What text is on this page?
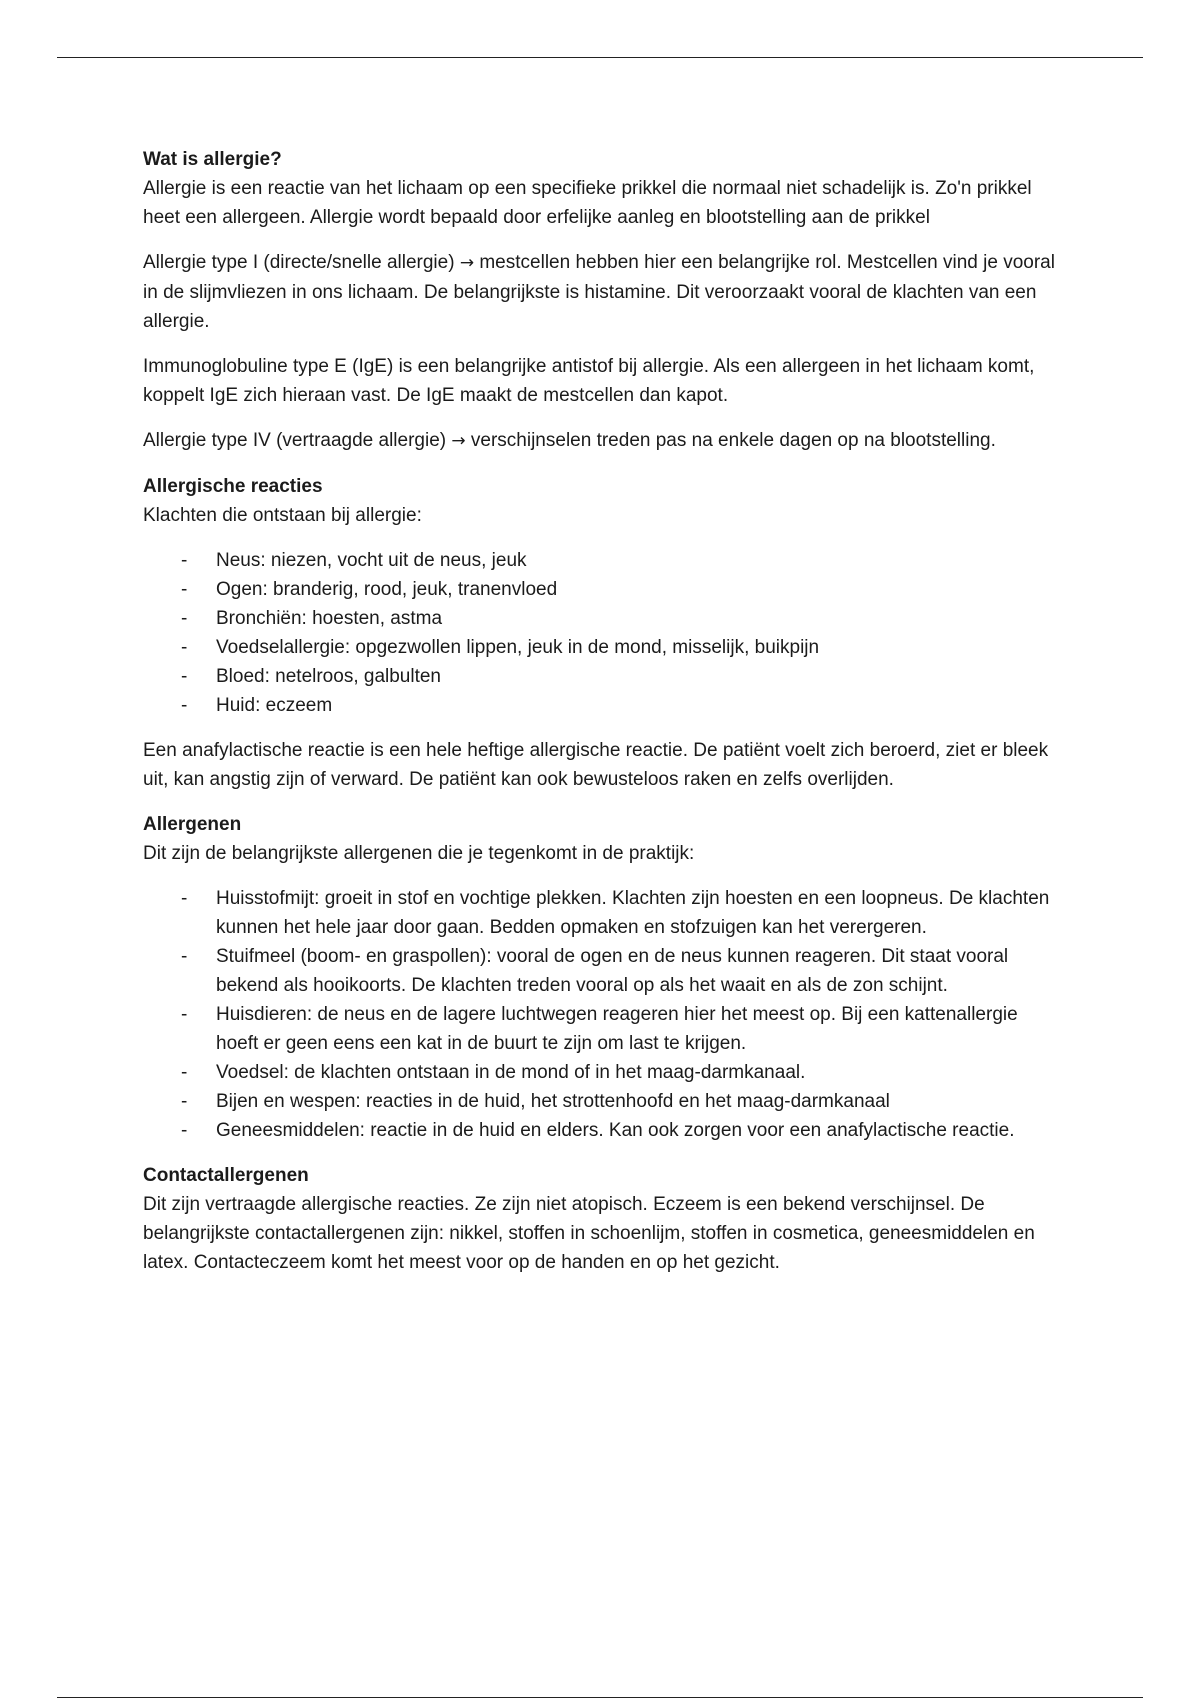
Wat is allergie?

Allergie is een reactie van het lichaam op een specifieke prikkel die normaal niet schadelijk is. Zo'n prikkel heet een allergeen. Allergie wordt bepaald door erfelijke aanleg en blootstelling aan de prikkel

Allergie type I (directe/snelle allergie) → mestcellen hebben hier een belangrijke rol. Mestcellen vind je vooral in de slijmvliezen in ons lichaam. De belangrijkste is histamine. Dit veroorzaakt vooral de klachten van een allergie.

Immunoglobuline type E (IgE) is een belangrijke antistof bij allergie. Als een allergeen in het lichaam komt, koppelt IgE zich hieraan vast. De IgE maakt de mestcellen dan kapot.

Allergie type IV (vertraagde allergie) → verschijnselen treden pas na enkele dagen op na blootstelling.

Allergische reacties

Klachten die ontstaan bij allergie:

- Neus: niezen, vocht uit de neus, jeuk
- Ogen: branderig, rood, jeuk, tranenvloed
- Bronchiën: hoesten, astma
- Voedselallergie: opgezwollen lippen, jeuk in de mond, misselijk, buikpijn
- Bloed: netelroos, galbulten
- Huid: eczeem

Een anafylactische reactie is een hele heftige allergische reactie. De patiënt voelt zich beroerd, ziet er bleek uit, kan angstig zijn of verward. De patiënt kan ook bewusteloos raken en zelfs overlijden.

Allergenen

Dit zijn de belangrijkste allergenen die je tegenkomt in de praktijk:

- Huisstofmijt: groeit in stof en vochtige plekken. Klachten zijn hoesten en een loopneus. De klachten kunnen het hele jaar door gaan. Bedden opmaken en stofzuigen kan het verergeren.
- Stuifmeel (boom- en graspollen): vooral de ogen en de neus kunnen reageren. Dit staat vooral bekend als hooikoorts. De klachten treden vooral op als het waait en als de zon schijnt.
- Huisdieren: de neus en de lagere luchtwegen reageren hier het meest op. Bij een kattenallergie hoeft er geen eens een kat in de buurt te zijn om last te krijgen.
- Voedsel: de klachten ontstaan in de mond of in het maag-darmkanaal.
- Bijen en wespen: reacties in de huid, het strottenhoofd en het maag-darmkanaal
- Geneesmiddelen: reactie in de huid en elders. Kan ook zorgen voor een anafylactische reactie.
Contactallergenen

Dit zijn vertraagde allergische reacties. Ze zijn niet atopisch. Eczeem is een bekend verschijnsel. De belangrijkste contactallergenen zijn: nikkel, stoffen in schoenlijm, stoffen in cosmetica, geneesmiddelen en latex. Contacteczeem komt het meest voor op de handen en op het gezicht.
